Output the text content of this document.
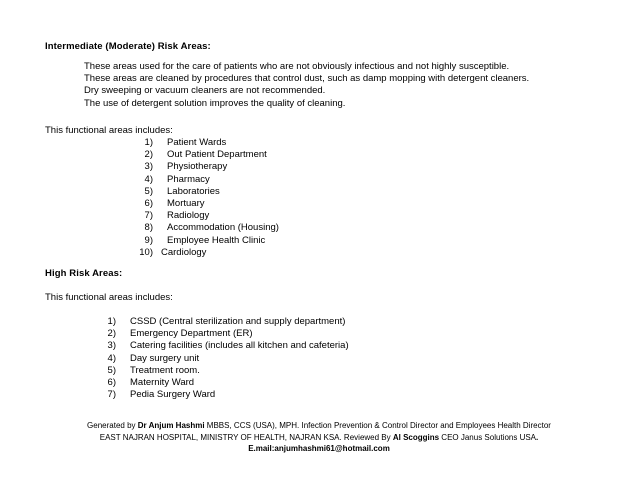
Intermediate (Moderate) Risk Areas:
These areas used for the care of patients who are not obviously infectious and not highly susceptible.
These areas are cleaned by procedures that control dust, such as damp mopping with detergent cleaners.
Dry sweeping or vacuum cleaners are not recommended.
The use of detergent solution improves the quality of cleaning.
This functional areas includes:
1) Patient Wards
2) Out Patient Department
3) Physiotherapy
4) Pharmacy
5) Laboratories
6) Mortuary
7) Radiology
8) Accommodation (Housing)
9) Employee Health Clinic
10) Cardiology
High Risk Areas:
This functional areas includes:
1) CSSD (Central sterilization and supply department)
2) Emergency Department (ER)
3) Catering facilities (includes all kitchen and cafeteria)
4) Day surgery unit
5) Treatment room.
6) Maternity Ward
7) Pedia Surgery Ward
Generated by Dr Anjum Hashmi MBBS, CCS (USA), MPH. Infection Prevention & Control Director and Employees Health Director
EAST NAJRAN HOSPITAL, MINISTRY OF HEALTH, NAJRAN KSA. Reviewed By Al Scoggins CEO Janus Solutions USA.
E.mail:anjumhashmi61@hotmail.com
